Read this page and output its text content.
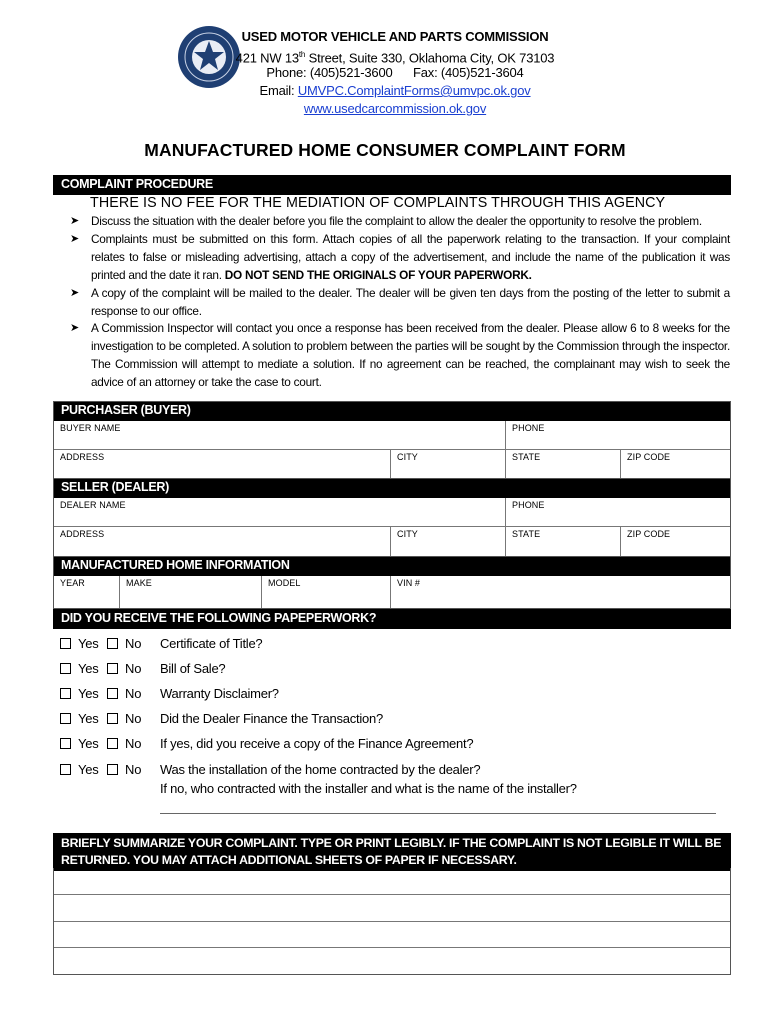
USED MOTOR VEHICLE AND PARTS COMMISSION
421 NW 13th Street, Suite 330, Oklahoma City, OK 73103
Phone: (405)521-3600      Fax: (405)521-3604
Email: UMVPC.ComplaintForms@umvpc.ok.gov
www.usedcarcommission.ok.gov
MANUFACTURED HOME CONSUMER COMPLAINT FORM
COMPLAINT PROCEDURE
THERE IS NO FEE FOR THE MEDIATION OF COMPLAINTS THROUGH THIS AGENCY
➤ Discuss the situation with the dealer before you file the complaint to allow the dealer the opportunity to resolve the problem.
➤ Complaints must be submitted on this form. Attach copies of all the paperwork relating to the transaction. If your complaint relates to false or misleading advertising, attach a copy of the advertisement, and include the name of the publication it was printed and the date it ran. DO NOT SEND THE ORIGINALS OF YOUR PAPERWORK.
➤ A copy of the complaint will be mailed to the dealer. The dealer will be given ten days from the posting of the letter to submit a response to our office.
➤ A Commission Inspector will contact you once a response has been received from the dealer. Please allow 6 to 8 weeks for the investigation to be completed. A solution to problem between the parties will be sought by the Commission through the inspector. The Commission will attempt to mediate a solution. If no agreement can be reached, the complainant may wish to seek the advice of an attorney or take the case to court.
PURCHASER (BUYER)
BUYER NAME	PHONE
ADDRESS	CITY	STATE	ZIP CODE
SELLER (DEALER)
DEALER NAME	PHONE
ADDRESS	CITY	STATE	ZIP CODE
MANUFACTURED HOME INFORMATION
YEAR	MAKE	MODEL	VIN #
DID YOU RECEIVE THE FOLLOWING PAPEPERWORK?
Yes No Certificate of Title?
Yes No Bill of Sale?
Yes No Warranty Disclaimer?
Yes No Did the Dealer Finance the Transaction?
Yes No If yes, did you receive a copy of the Finance Agreement?
Yes No Was the installation of the home contracted by the dealer?
If no, who contracted with the installer and what is the name of the installer?
BRIEFLY SUMMARIZE YOUR COMPLAINT. TYPE OR PRINT LEGIBLY. IF THE COMPLAINT IS NOT LEGIBLE IT WILL BE
RETURNED. YOU MAY ATTACH ADDITIONAL SHEETS OF PAPER IF NECESSARY.
